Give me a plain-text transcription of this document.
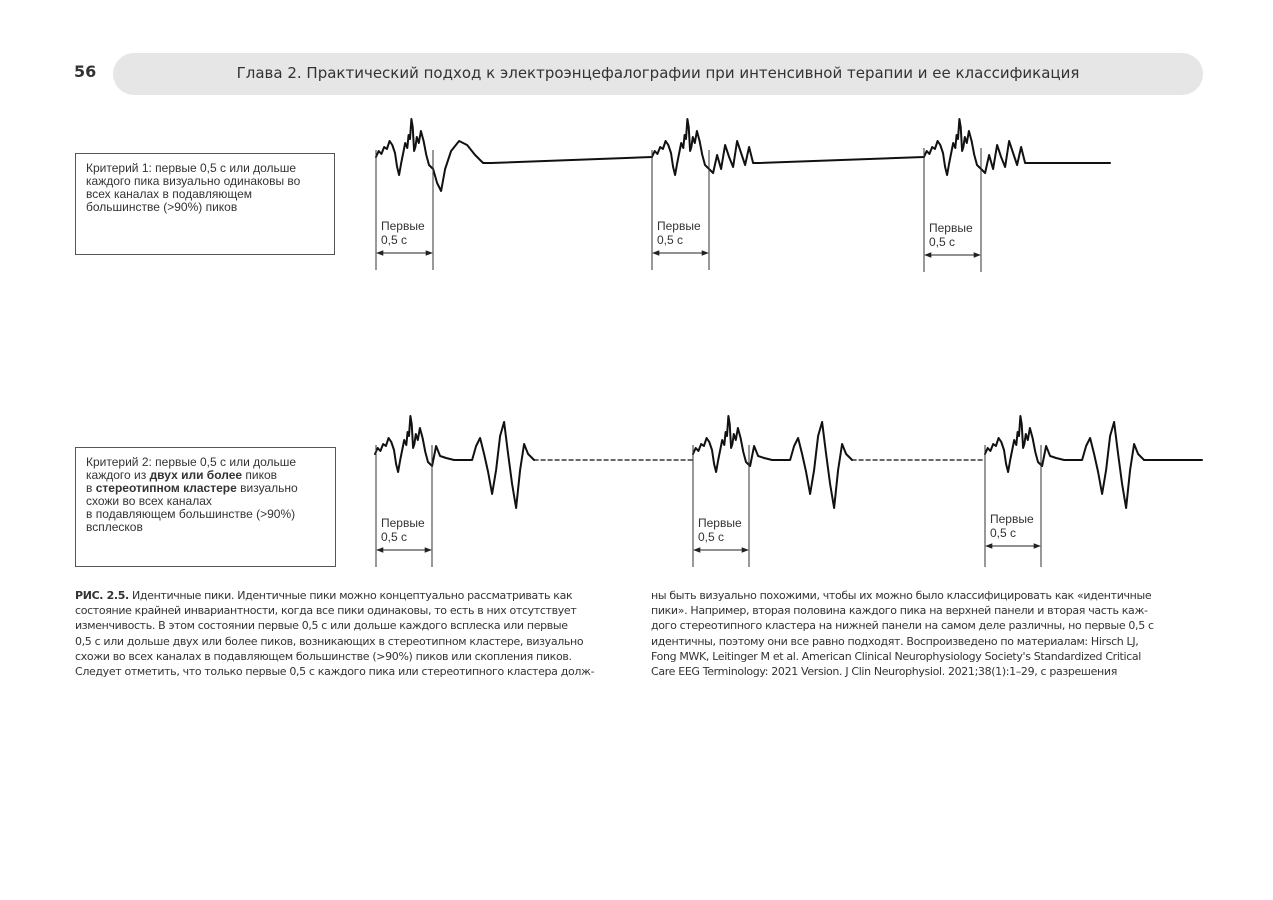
56	Глава 2. Практический подход к электроэнцефалографии при интенсивной терапии и ее классификация
Критерий 1: первые 0,5 с или дольше
каждого пика визуально одинаковы во
всех каналах в подавляющем
большинстве (>90%) пиков
Критерий 2: первые 0,5 с или дольше
каждого из двух или более пиков
в стереотипном кластере визуально
схожи во всех каналах
в подавляющем большинстве (>90%)
всплесков
Первые
0,5 с
Первые
0,5 с
Первые
0,5 с
Первые
0,5 с
Первые
0,5 с
Первые
0,5 с
РИС. 2.5. Идентичные пики. Идентичные пики можно концептуально рассматривать как
состояние крайней инвариантности, когда все пики одинаковы, то есть в них отсутствует
изменчивость. В этом состоянии первые 0,5 с или дольше каждого всплеска или первые
0,5 с или дольше двух или более пиков, возникающих в стереотипном кластере, визуально
схожи во всех каналах в подавляющем большинстве (>90%) пиков или скопления пиков.
Следует отметить, что только первые 0,5 с каждого пика или стереотипного кластера долж-
ны быть визуально похожими, чтобы их можно было классифицировать как «идентичные
пики». Например, вторая половина каждого пика на верхней панели и вторая часть каж-
дого стереотипного кластера на нижней панели на самом деле различны, но первые 0,5 с
идентичны, поэтому они все равно подходят. Воспроизведено по материалам: Hirsch LJ,
Fong MWK, Leitinger M et al. American Clinical Neurophysiology Society's Standardized Critical
Care EEG Terminology: 2021 Version. J Clin Neurophysiol. 2021;38(1):1–29, с разрешения
